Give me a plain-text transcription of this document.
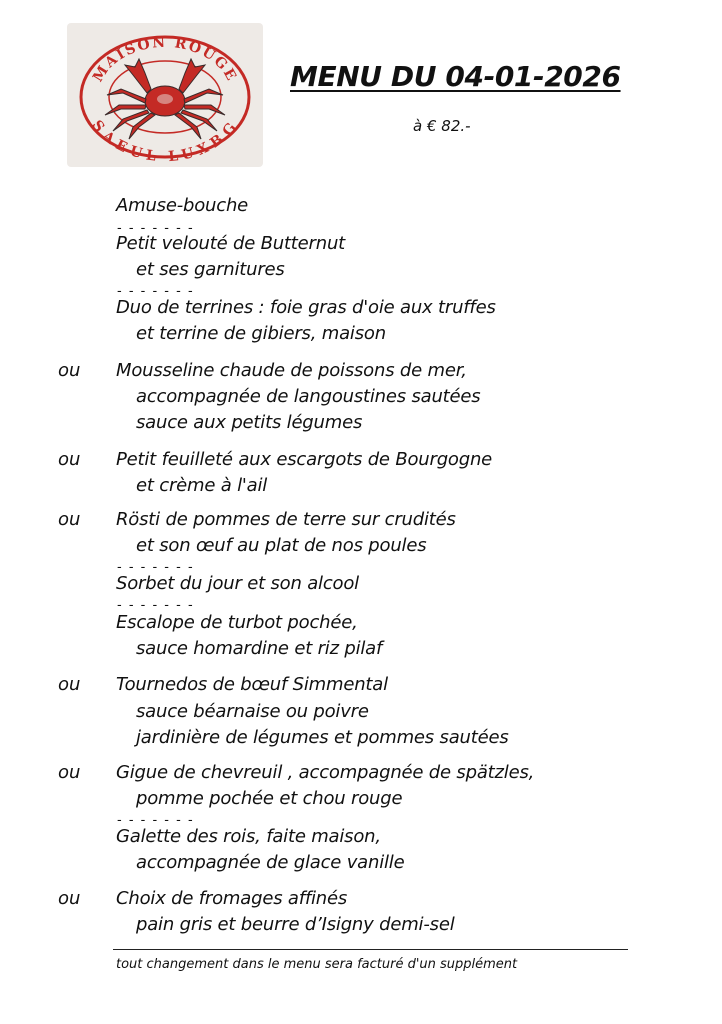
MAISON ROUGE
SAEUL LUXBG
MENU DU 04-01-2026
à € 82.-
Amuse-bouche
- - - - - - -
Petit velouté de Butternut
et ses garnitures
- - - - - - -
Duo de terrines : foie gras d'oie aux truffes
et terrine de gibiers, maison
ou Mousseline chaude de poissons de mer,
accompagnée de langoustines sautées
sauce aux petits légumes
ou Petit feuilleté aux escargots de Bourgogne
et crème à l'ail
ou Rösti de pommes de terre sur crudités
et son œuf au plat de nos poules
- - - - - - -
Sorbet du jour et son alcool
- - - - - - -
Escalope de turbot pochée,
sauce homardine et riz pilaf
ou Tournedos de bœuf Simmental
sauce béarnaise ou poivre
jardinière de légumes et pommes sautées
ou Gigue de chevreuil , accompagnée de spätzles,
pomme pochée et chou rouge
- - - - - - -
Galette des rois, faite maison,
accompagnée de glace vanille
ou Choix de fromages affinés
pain gris et beurre d’Isigny demi-sel
tout changement dans le menu sera facturé d'un supplément
